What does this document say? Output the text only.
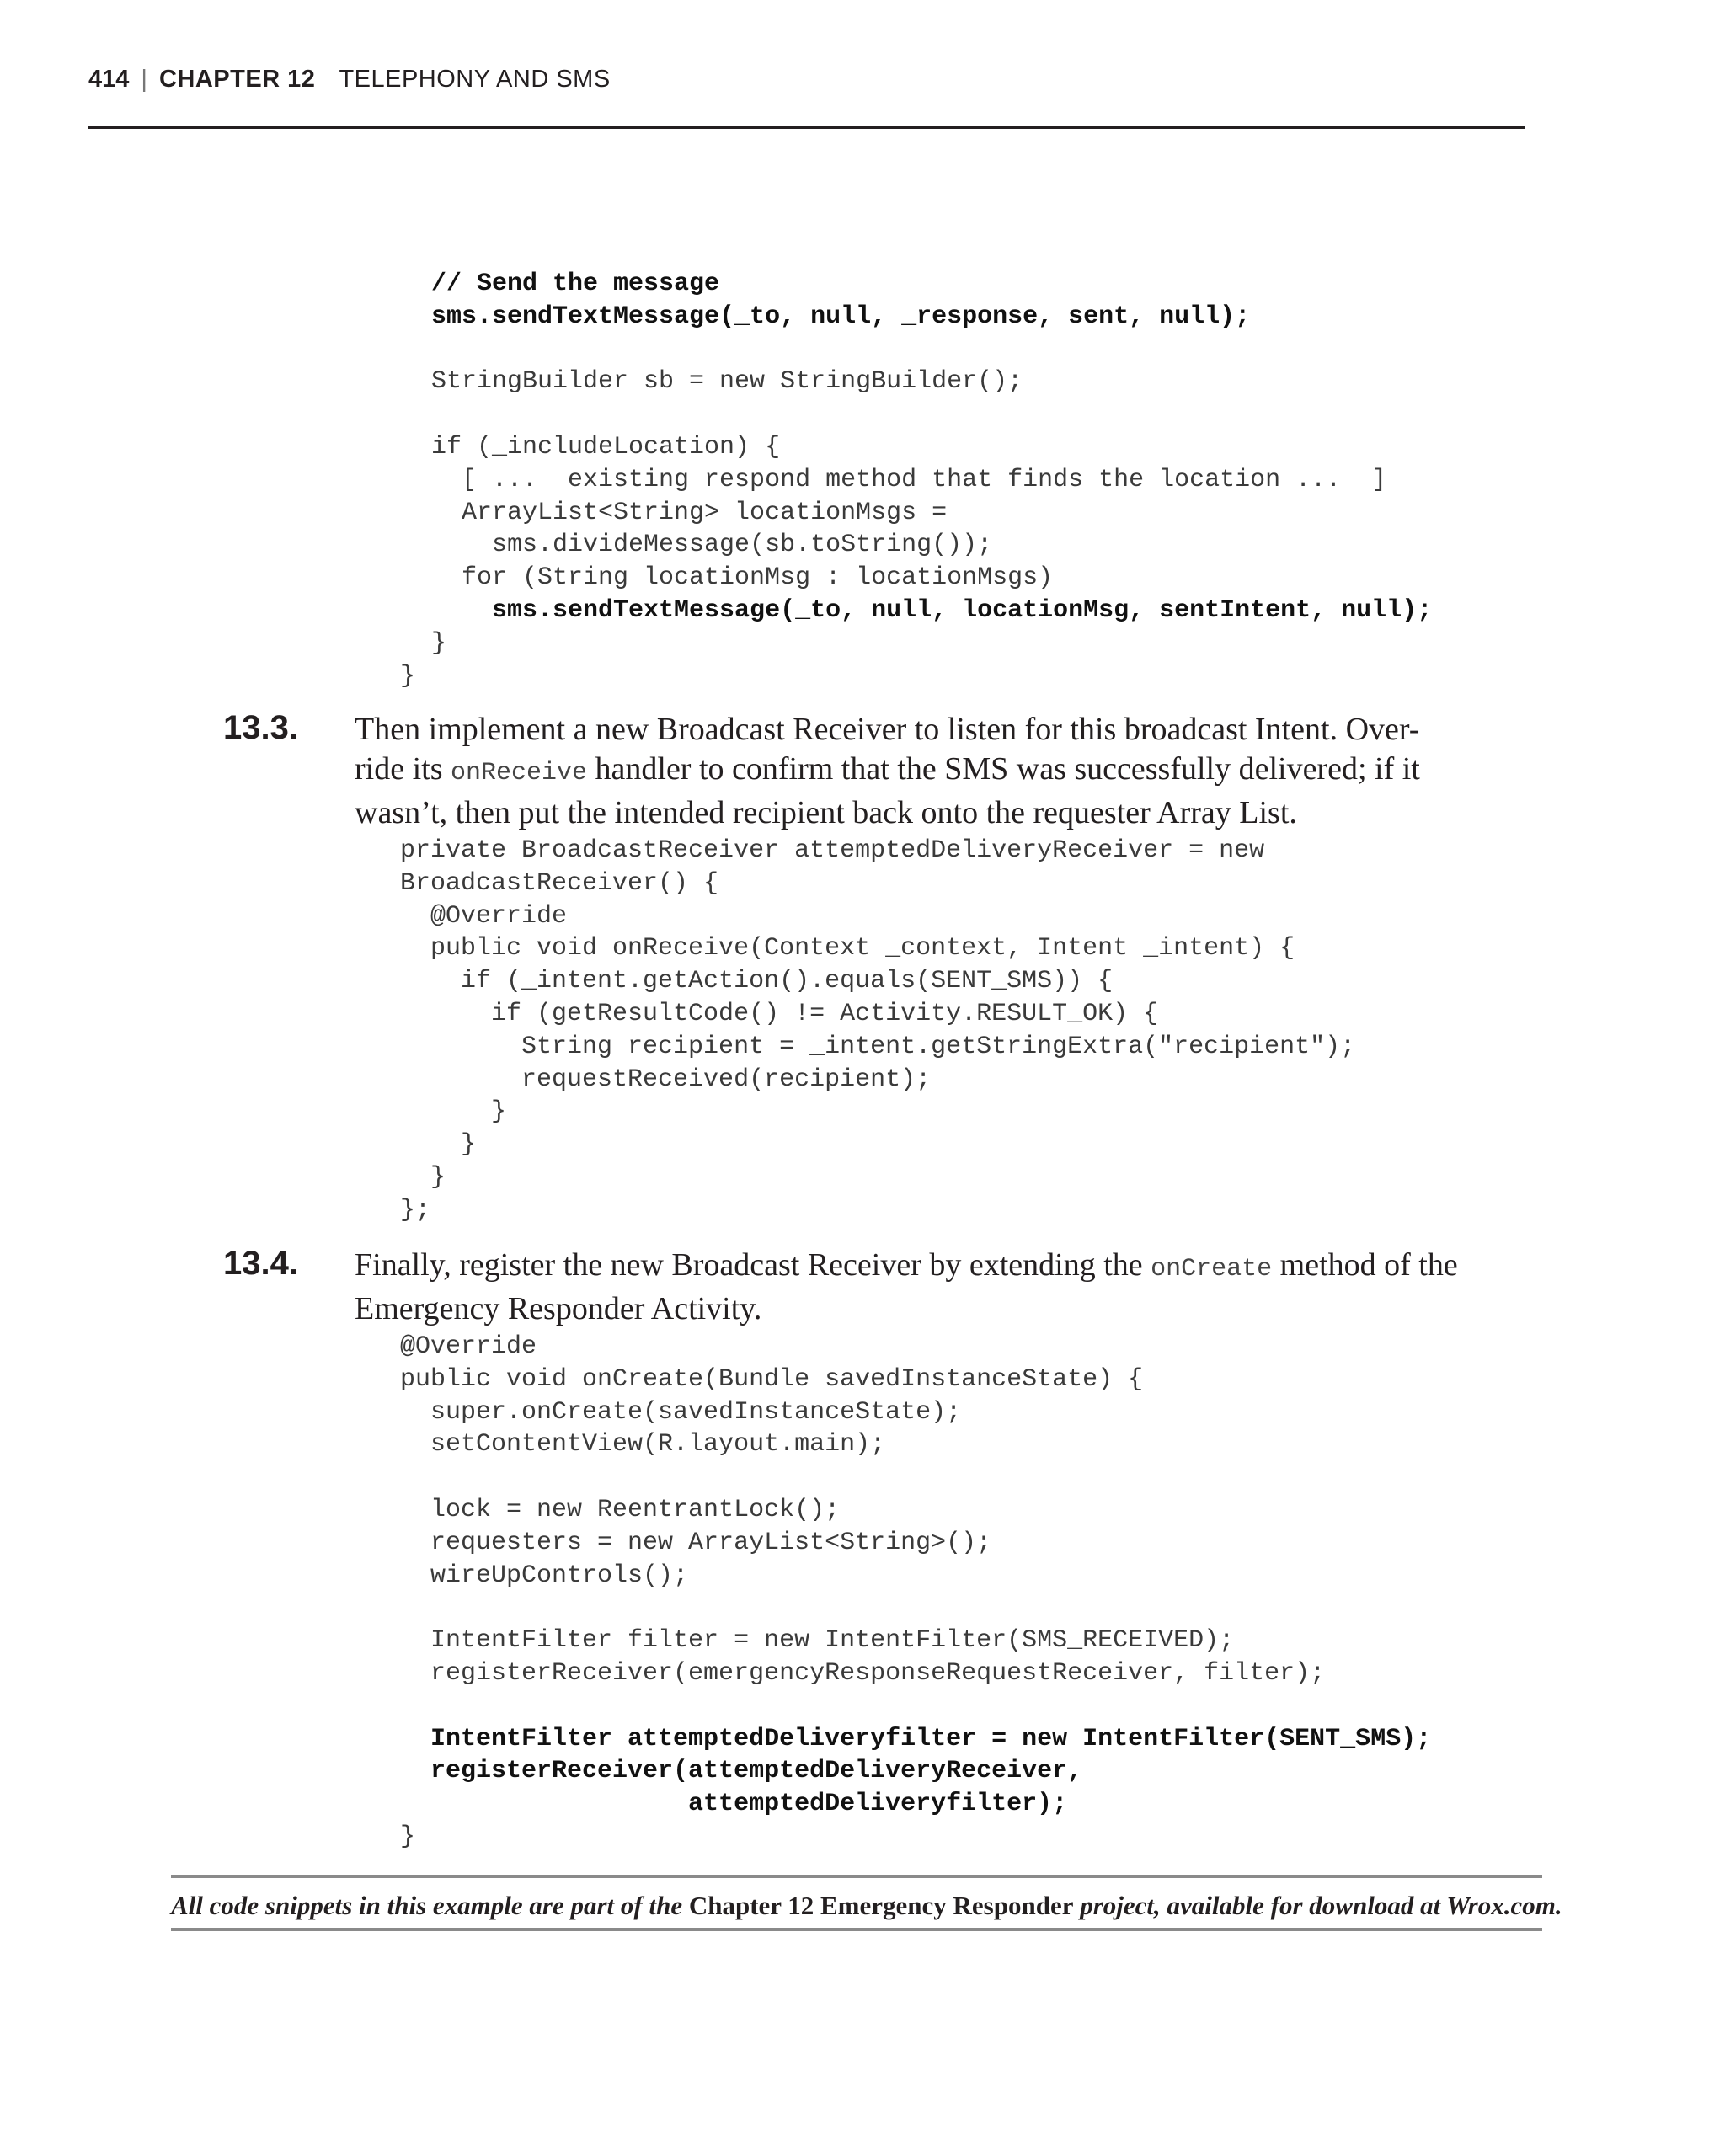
414 | CHAPTER 12 TELEPHONY AND SMS
// Send the message
sms.sendTextMessage(_to, null, _response, sent, null);

StringBuilder sb = new StringBuilder();

if (_includeLocation) {
[ ...  existing respond method that finds the location ...  ]
ArrayList<String> locationMsgs =
sms.divideMessage(sb.toString());
for (String locationMsg : locationMsgs)
sms.sendTextMessage(_to, null, locationMsg, sentIntent, null);
}
}
13.3. Then implement a new Broadcast Receiver to listen for this broadcast Intent. Over-ride its onReceive handler to confirm that the SMS was successfully delivered; if it wasn’t, then put the intended recipient back onto the requester Array List.
private BroadcastReceiver attemptedDeliveryReceiver = new
BroadcastReceiver() {
@Override
public void onReceive(Context _context, Intent _intent) {
if (_intent.getAction().equals(SENT_SMS)) {
if (getResultCode() != Activity.RESULT_OK) {
String recipient = _intent.getStringExtra("recipient");
requestReceived(recipient);
}
}
}
};
13.4. Finally, register the new Broadcast Receiver by extending the onCreate method of the Emergency Responder Activity.
@Override
public void onCreate(Bundle savedInstanceState) {
super.onCreate(savedInstanceState);
setContentView(R.layout.main);

lock = new ReentrantLock();
requesters = new ArrayList<String>();
wireUpControls();

IntentFilter filter = new IntentFilter(SMS_RECEIVED);
registerReceiver(emergencyResponseRequestReceiver, filter);

IntentFilter attemptedDeliveryfilter = new IntentFilter(SENT_SMS);
registerReceiver(attemptedDeliveryReceiver,
attemptedDeliveryfilter);
}
All code snippets in this example are part of the Chapter 12 Emergency Responder project, available for download at Wrox.com.
